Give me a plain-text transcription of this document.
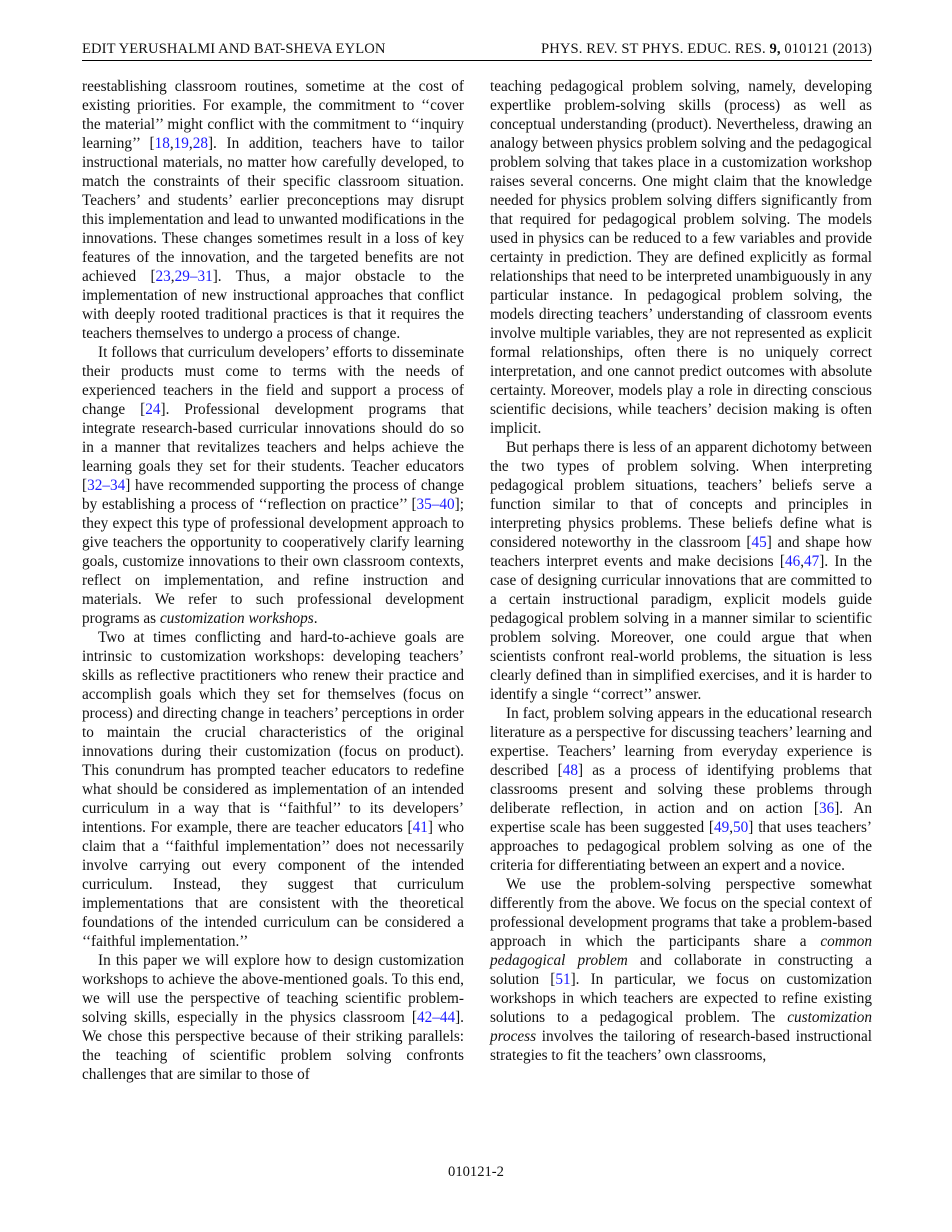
EDIT YERUSHALMI AND BAT-SHEVA EYLON	PHYS. REV. ST PHYS. EDUC. RES. 9, 010121 (2013)

reestablishing classroom routines, sometime at the cost of existing priorities. For example, the commitment to ‘‘cover the material’’ might conflict with the commitment to ‘‘inquiry learning’’ [18,19,28]. In addition, teachers have to tailor instructional materials, no matter how carefully developed, to match the constraints of their specific classroom situation. Teachers’ and students’ earlier preconceptions may disrupt this implementation and lead to unwanted modifications in the innovations. These changes sometimes result in a loss of key features of the innovation, and the targeted benefits are not achieved [23,29–31]. Thus, a major obstacle to the implementation of new instructional approaches that conflict with deeply rooted traditional practices is that it requires the teachers themselves to undergo a process of change.

It follows that curriculum developers’ efforts to disseminate their products must come to terms with the needs of experienced teachers in the field and support a process of change [24]. Professional development programs that integrate research-based curricular innovations should do so in a manner that revitalizes teachers and helps achieve the learning goals they set for their students. Teacher educators [32–34] have recommended supporting the process of change by establishing a process of ‘‘reflection on practice’’ [35–40]; they expect this type of professional development approach to give teachers the opportunity to cooperatively clarify learning goals, customize innovations to their own classroom contexts, reflect on implementation, and refine instruction and materials. We refer to such professional development programs as customization workshops.

Two at times conflicting and hard-to-achieve goals are intrinsic to customization workshops: developing teachers’ skills as reflective practitioners who renew their practice and accomplish goals which they set for themselves (focus on process) and directing change in teachers’ perceptions in order to maintain the crucial characteristics of the original innovations during their customization (focus on product). This conundrum has prompted teacher educators to redefine what should be considered as implementation of an intended curriculum in a way that is ‘‘faithful’’ to its developers’ intentions. For example, there are teacher educators [41] who claim that a ‘‘faithful implementation’’ does not necessarily involve carrying out every component of the intended curriculum. Instead, they suggest that curriculum implementations that are consistent with the theoretical foundations of the intended curriculum can be considered a ‘‘faithful implementation.’’

In this paper we will explore how to design customization workshops to achieve the above-mentioned goals. To this end, we will use the perspective of teaching scientific problem-solving skills, especially in the physics classroom [42–44]. We chose this perspective because of their striking parallels: the teaching of scientific problem solving confronts challenges that are similar to those of

teaching pedagogical problem solving, namely, developing expertlike problem-solving skills (process) as well as conceptual understanding (product). Nevertheless, drawing an analogy between physics problem solving and the pedagogical problem solving that takes place in a customization workshop raises several concerns. One might claim that the knowledge needed for physics problem solving differs significantly from that required for pedagogical problem solving. The models used in physics can be reduced to a few variables and provide certainty in prediction. They are defined explicitly as formal relationships that need to be interpreted unambiguously in any particular instance. In pedagogical problem solving, the models directing teachers’ understanding of classroom events involve multiple variables, they are not represented as explicit formal relationships, often there is no uniquely correct interpretation, and one cannot predict outcomes with absolute certainty. Moreover, models play a role in directing conscious scientific decisions, while teachers’ decision making is often implicit.

But perhaps there is less of an apparent dichotomy between the two types of problem solving. When interpreting pedagogical problem situations, teachers’ beliefs serve a function similar to that of concepts and principles in interpreting physics problems. These beliefs define what is considered noteworthy in the classroom [45] and shape how teachers interpret events and make decisions [46,47]. In the case of designing curricular innovations that are committed to a certain instructional paradigm, explicit models guide pedagogical problem solving in a manner similar to scientific problem solving. Moreover, one could argue that when scientists confront real-world problems, the situation is less clearly defined than in simplified exercises, and it is harder to identify a single ‘‘correct’’ answer.

In fact, problem solving appears in the educational research literature as a perspective for discussing teachers’ learning and expertise. Teachers’ learning from everyday experience is described [48] as a process of identifying problems that classrooms present and solving these problems through deliberate reflection, in action and on action [36]. An expertise scale has been suggested [49,50] that uses teachers’ approaches to pedagogical problem solving as one of the criteria for differentiating between an expert and a novice.

We use the problem-solving perspective somewhat differently from the above. We focus on the special context of professional development programs that take a problem-based approach in which the participants share a common pedagogical problem and collaborate in constructing a solution [51]. In particular, we focus on customization workshops in which teachers are expected to refine existing solutions to a pedagogical problem. The customization process involves the tailoring of research-based instructional strategies to fit the teachers’ own classrooms,

010121-2
